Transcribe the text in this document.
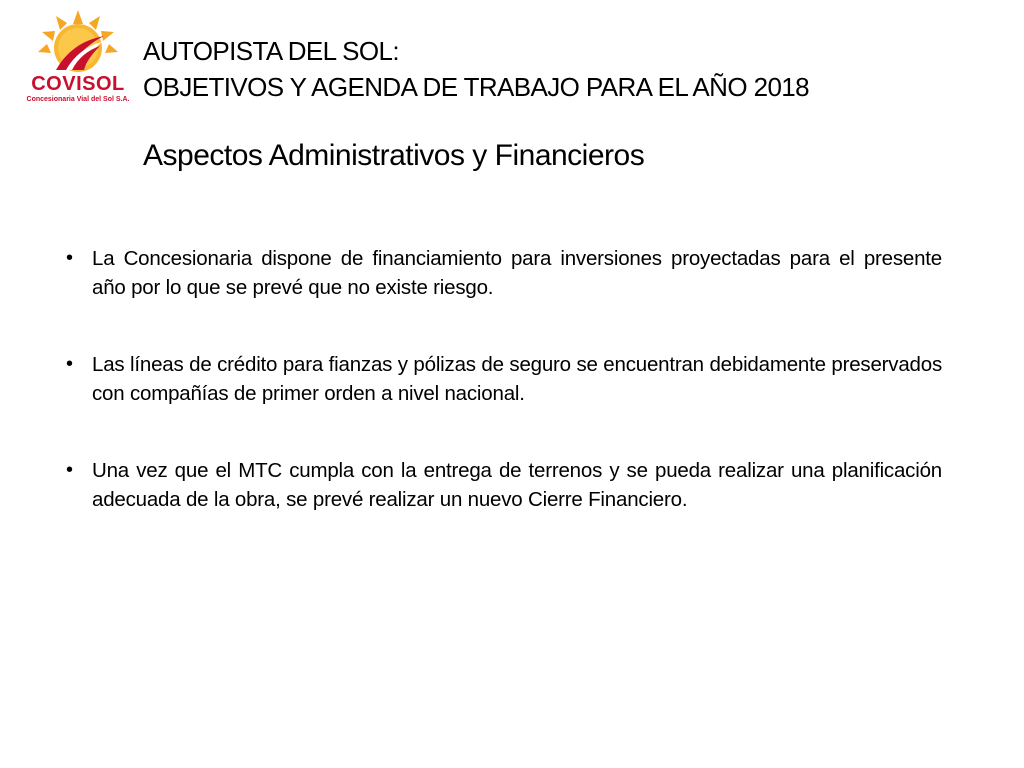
COVISOL
Concesionaria Vial del Sol S.A.
AUTOPISTA DEL SOL:
OBJETIVOS Y AGENDA DE TRABAJO PARA EL AÑO 2018
Aspectos Administrativos y Financieros
• La Concesionaria dispone de financiamiento para inversiones proyectadas para el presente año por lo que se prevé que no existe riesgo.
• Las líneas de crédito para fianzas y pólizas de seguro se encuentran debidamente preservados con compañías de primer orden a nivel nacional.
• Una vez que el MTC cumpla con la entrega de terrenos y se pueda realizar una planificación adecuada de la obra, se prevé realizar un nuevo Cierre Financiero.
